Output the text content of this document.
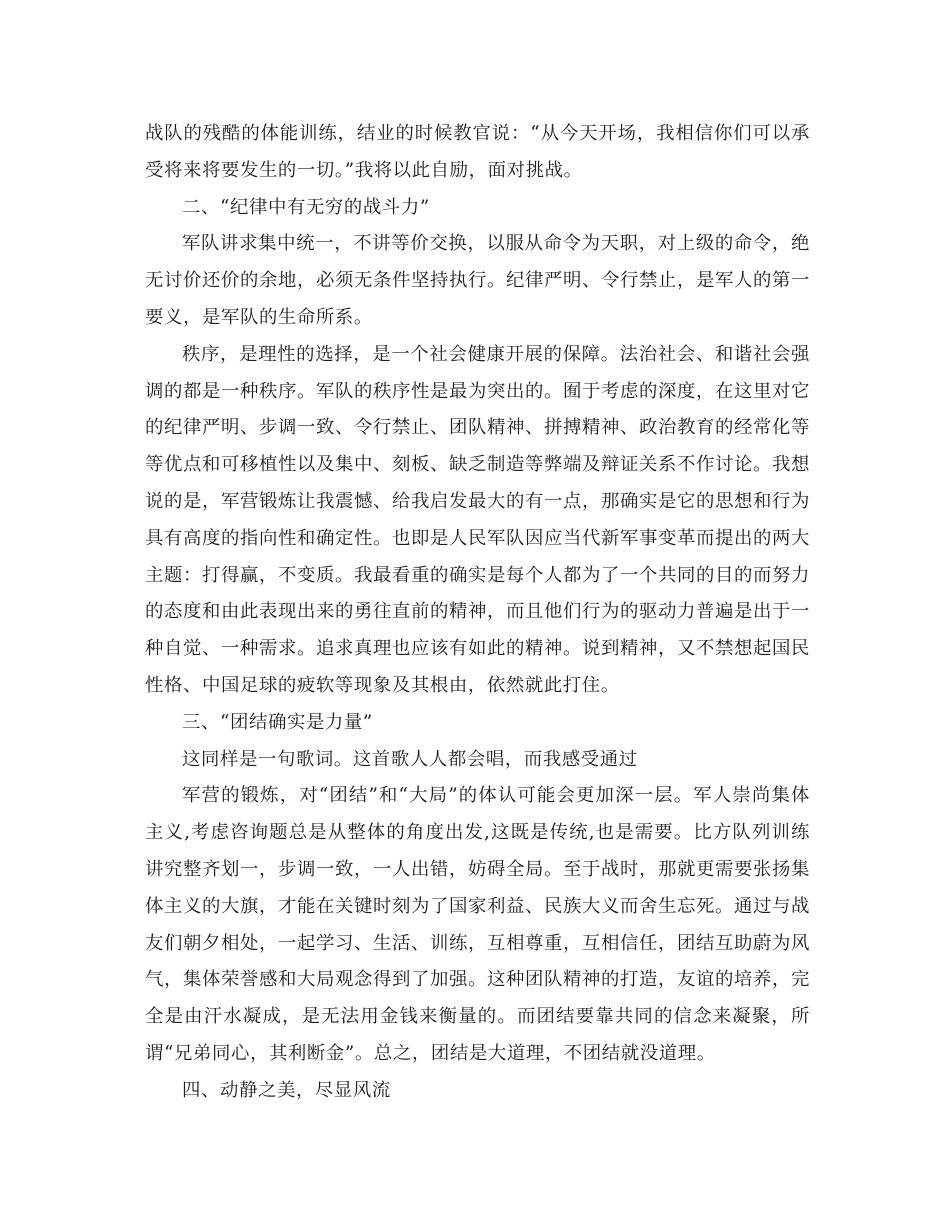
战队的残酷的体能训练，结业的时候教官说：“从今天开场，我相信你们可以承受将来将要发生的一切。”我将以此自励，面对挑战。

二、“纪律中有无穷的战斗力”

军队讲求集中统一，不讲等价交换，以服从命令为天职，对上级的命令，绝无讨价还价的余地，必须无条件坚持执行。纪律严明、令行禁止，是军人的第一要义，是军队的生命所系。

秩序，是理性的选择，是一个社会健康开展的保障。法治社会、和谐社会强调的都是一种秩序。军队的秩序性是最为突出的。囿于考虑的深度，在这里对它的纪律严明、步调一致、令行禁止、团队精神、拼搏精神、政治教育的经常化等等优点和可移植性以及集中、刻板、缺乏制造等弊端及辩证关系不作讨论。我想说的是，军营锻炼让我震憾、给我启发最大的有一点，那确实是它的思想和行为具有高度的指向性和确定性。也即是人民军队因应当代新军事变革而提出的两大主题：打得赢，不变质。我最看重的确实是每个人都为了一个共同的目的而努力的态度和由此表现出来的勇往直前的精神，而且他们行为的驱动力普遍是出于一种自觉、一种需求。追求真理也应该有如此的精神。说到精神，又不禁想起国民性格、中国足球的疲软等现象及其根由，依然就此打住。

三、“团结确实是力量”

这同样是一句歌词。这首歌人人都会唱，而我感受通过

军营的锻炼，对“团结”和“大局”的体认可能会更加深一层。军人崇尚集体主义,考虑咨询题总是从整体的角度出发,这既是传统,也是需要。比方队列训练讲究整齐划一，步调一致，一人出错，妨碍全局。至于战时，那就更需要张扬集体主义的大旗，才能在关键时刻为了国家利益、民族大义而舍生忘死。通过与战友们朝夕相处，一起学习、生活、训练，互相尊重，互相信任，团结互助蔚为风气，集体荣誉感和大局观念得到了加强。这种团队精神的打造，友谊的培养，完全是由汗水凝成，是无法用金钱来衡量的。而团结要靠共同的信念来凝聚，所谓“兄弟同心，其利断金”。总之，团结是大道理，不团结就没道理。

四、动静之美，尽显风流
